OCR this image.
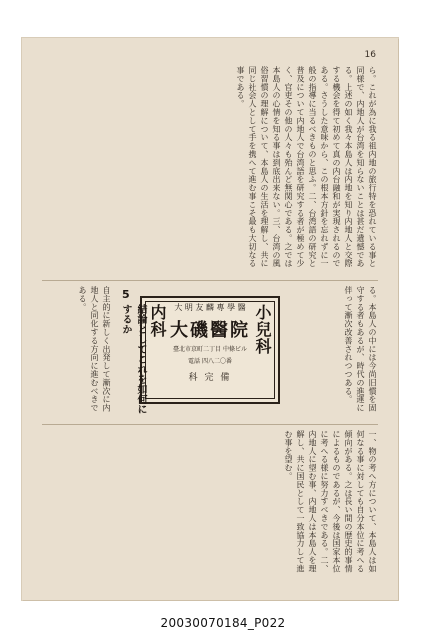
16
ら。これが為に我る祖内地の旅行特を恐れている事と同様で、内地人が台湾を知らないことは甚だ遺憾である。上述の如く我々本島人は内地を知り内地人と交際する機会を得て初めて真の内台融和が実現されるのである。さうした意味から、この根本方針を忘れずに一般の指導に当るべきものと思ふ。二、台湾語の研究と普及について内地人で台湾語を研究する者が極めて少く、官吏その他の人々も殆んど無関心である。之では本島人の心情を知る事は到底出来ない。三、台湾の風俗習慣の理解について、本島人の生活を理解し、共に同じ社会人として手を携へて進む事こそ最も大切なる事である。
る。本島人の中には今尚旧慣を固守する者もあるが、時代の進運に伴って漸次改善されつつある。
内科	小兒科
大 明 友 麟 專 學 醫
大磯醫院
臺北市京町二丁目 中條ビル
電話 四八二〇番
科 完 備
5
結論としてこれを如何にするか
自主的に新しく出発して漸次に内地人と同化する方向に進むべきである。
一、物の考へ方について、本島人は如何なる事に対しても自分本位に考へる傾向がある。之は長い間の歴史的事情によるものであるが、今後は国家本位に考へる様に努力すべきである。二、内地人に望む事、内地人は本島人を理解し、共に国民として一致協力して進む事を望む。
20030070184_P022
